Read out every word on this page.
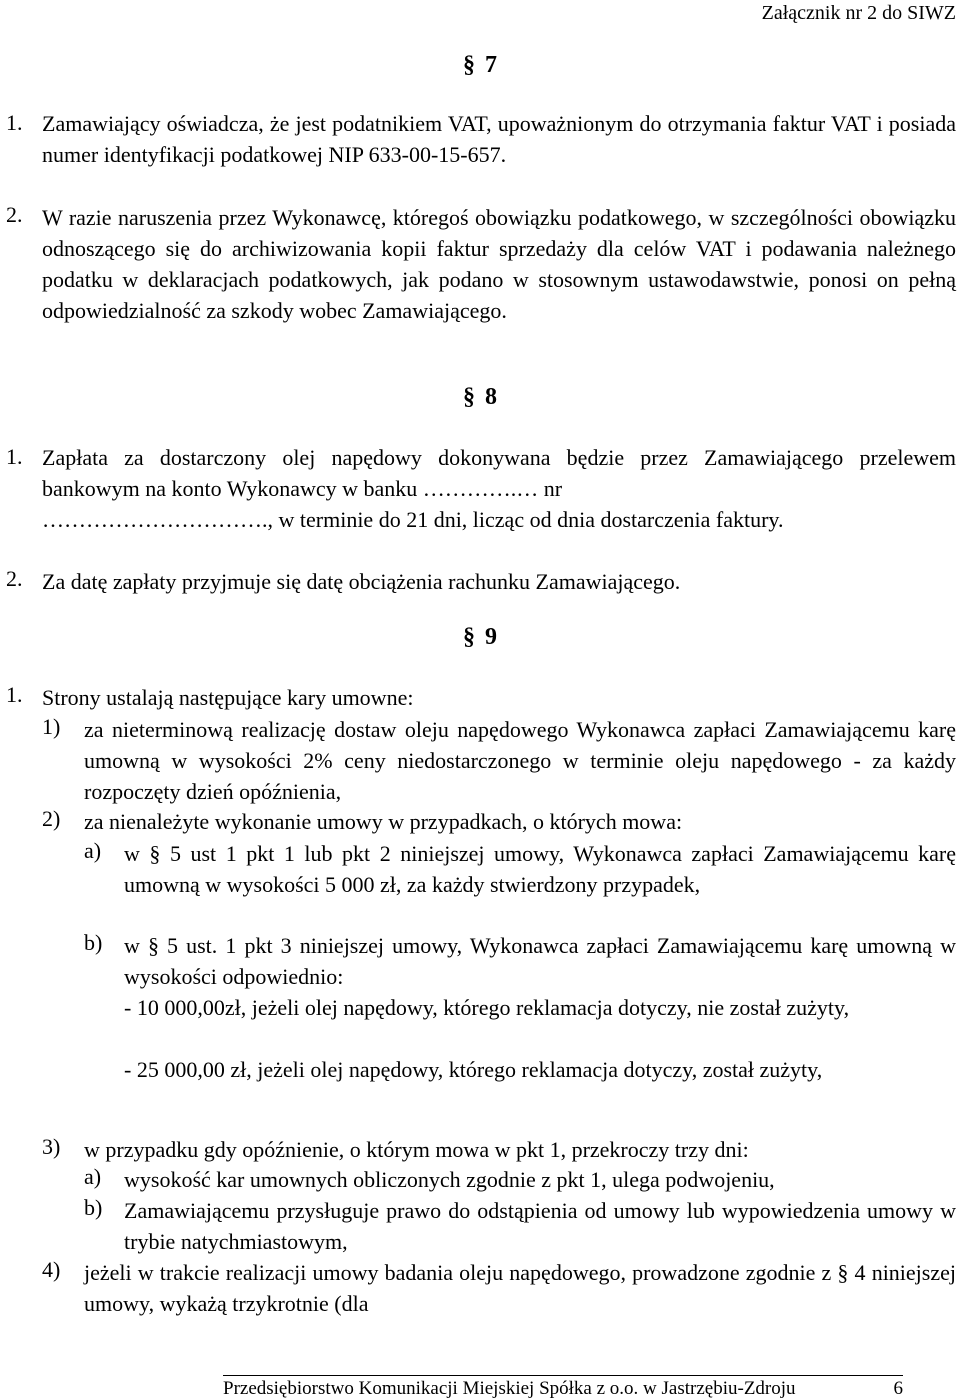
Załącznik nr 2 do SIWZ
§ 7
1. Zamawiający oświadcza, że jest podatnikiem VAT, upoważnionym do otrzymania faktur VAT i posiada numer identyfikacji podatkowej NIP 633-00-15-657.

2. W razie naruszenia przez Wykonawcę, któregoś obowiązku podatkowego, w szczególności obowiązku odnoszącego się do archiwizowania kopii faktur sprzedaży dla celów VAT i podawania należnego podatku w deklaracjach podatkowych, jak podano w stosownym ustawodawstwie, ponosi on pełną odpowiedzialność za szkody wobec Zamawiającego.

§ 8
1. Zapłata za dostarczony olej napędowy dokonywana będzie przez Zamawiającego przelewem bankowym na konto Wykonawcy w banku ………….… nr

…………………………., w terminie do 21 dni, licząc od dnia dostarczenia faktury.

2. Za datę zapłaty przyjmuje się datę obciążenia rachunku Zamawiającego.

§ 9
1. Strony ustalają następujące kary umowne:

1) za nieterminową realizację dostaw oleju napędowego Wykonawca zapłaci Zamawiającemu karę umowną w wysokości 2% ceny niedostarczonego w terminie oleju napędowego - za każdy rozpoczęty dzień opóźnienia,

2) za nienależyte wykonanie umowy w przypadkach, o których mowa:

a) w § 5 ust 1 pkt 1 lub pkt 2 niniejszej umowy, Wykonawca zapłaci Zamawiającemu karę umowną w wysokości 5 000 zł, za każdy stwierdzony przypadek,

b) w § 5 ust. 1 pkt 3 niniejszej umowy, Wykonawca zapłaci Zamawiającemu karę umowną w wysokości odpowiednio:

- 10 000,00zł, jeżeli olej napędowy, którego reklamacja dotyczy, nie został zużyty,

- 25 000,00 zł, jeżeli olej napędowy, którego reklamacja dotyczy, został zużyty,

3) w przypadku gdy opóźnienie, o którym mowa w pkt 1, przekroczy trzy dni:

a) wysokość kar umownych obliczonych zgodnie z pkt 1, ulega podwojeniu,

b) Zamawiającemu przysługuje prawo do odstąpienia od umowy lub wypowiedzenia umowy w trybie natychmiastowym,

4) jeżeli w trakcie realizacji umowy badania oleju napędowego, prowadzone zgodnie z § 4 niniejszej umowy, wykażą trzykrotnie (dla

Przedsiębiorstwo Komunikacji Miejskiej Spółka z o.o. w Jastrzębiu-Zdroju	6
